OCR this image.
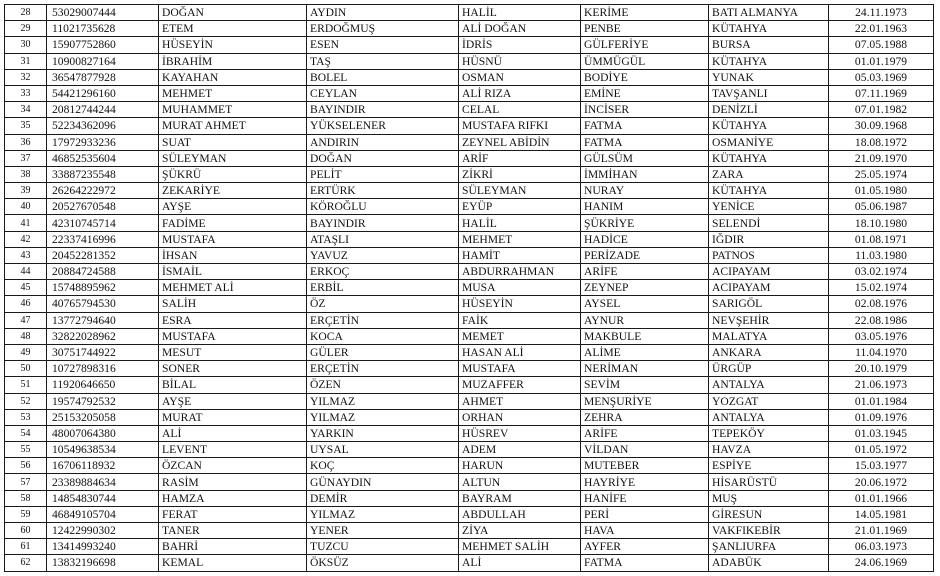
28	53029007444	DOĞAN	AYDIN	HALİL	KERİME	BATI ALMANYA	24.11.1973
29	11021735628	ETEM	ERDOĞMUŞ	ALİ DOĞAN	PENBE	KÜTAHYA	22.01.1963
30	15907752860	HÜSEYİN	ESEN	İDRİS	GÜLFERİYE	BURSA	07.05.1988
31	10900827164	İBRAHİM	TAŞ	HÜSNÜ	ÜMMÜGÜL	KÜTAHYA	01.01.1979
32	36547877928	KAYAHAN	BOLEL	OSMAN	BODİYE	YUNAK	05.03.1969
33	54421296160	MEHMET	CEYLAN	ALİ RIZA	EMİNE	TAVŞANLI	07.11.1969
34	20812744244	MUHAMMET	BAYINDIR	CELAL	İNCİSER	DENİZLİ	07.01.1982
35	52234362096	MURAT AHMET	YÜKSELENER	MUSTAFA RIFKI	FATMA	KÜTAHYA	30.09.1968
36	17972933236	SUAT	ANDIRIN	ZEYNEL ABİDİN	FATMA	OSMANİYE	18.08.1972
37	46852535604	SÜLEYMAN	DOĞAN	ARİF	GÜLSÜM	KÜTAHYA	21.09.1970
38	33887235548	ŞÜKRÜ	PELİT	ZİKRİ	İMMİHAN	ZARA	25.05.1974
39	26264222972	ZEKARİYE	ERTÜRK	SÜLEYMAN	NURAY	KÜTAHYA	01.05.1980
40	20527670548	AYŞE	KÖROĞLU	EYÜP	HANIM	YENİCE	05.06.1987
41	42310745714	FADİME	BAYINDIR	HALİL	ŞÜKRİYE	SELENDİ	18.10.1980
42	22337416996	MUSTAFA	ATAŞLI	MEHMET	HADİCE	IĞDIR	01.08.1971
43	20452281352	İHSAN	YAVUZ	HAMİT	PERİZADE	PATNOS	11.03.1980
44	20884724588	İSMAİL	ERKOÇ	ABDURRAHMAN	ARİFE	ACIPAYAM	03.02.1974
45	15748895962	MEHMET ALİ	ERBİL	MUSA	ZEYNEP	ACIPAYAM	15.02.1974
46	40765794530	SALİH	ÖZ	HÜSEYİN	AYSEL	SARIGÖL	02.08.1976
47	13772794640	ESRA	ERÇETİN	FAİK	AYNUR	NEVŞEHİR	22.08.1986
48	32822028962	MUSTAFA	KOCA	MEMET	MAKBULE	MALATYA	03.05.1976
49	30751744922	MESUT	GÜLER	HASAN ALİ	ALİME	ANKARA	11.04.1970
50	10727898316	SONER	ERÇETİN	MUSTAFA	NERİMAN	ÜRGÜP	20.10.1979
51	11920646650	BİLAL	ÖZEN	MUZAFFER	SEVİM	ANTALYA	21.06.1973
52	19574792532	AYŞE	YILMAZ	AHMET	MENŞURİYE	YOZGAT	01.01.1984
53	25153205058	MURAT	YILMAZ	ORHAN	ZEHRA	ANTALYA	01.09.1976
54	48007064380	ALİ	YARKIN	HÜSREV	ARİFE	TEPEKÖY	01.03.1945
55	10549638534	LEVENT	UYSAL	ADEM	VİLDAN	HAVZA	01.05.1972
56	16706118932	ÖZCAN	KOÇ	HARUN	MUTEBER	ESPİYE	15.03.1977
57	23389884634	RASİM	GÜNAYDIN	ALTUN	HAYRİYE	HİSARÜSTÜ	20.06.1972
58	14854830744	HAMZA	DEMİR	BAYRAM	HANİFE	MUŞ	01.01.1966
59	46849105704	FERAT	YILMAZ	ABDULLAH	PERİ	GİRESUN	14.05.1981
60	12422990302	TANER	YENER	ZİYA	HAVA	VAKFIKEBİR	21.01.1969
61	13414993240	BAHRİ	TUZCU	MEHMET SALİH	AYFER	ŞANLIURFA	06.03.1973
62	13832196698	KEMAL	ÖKSÜZ	ALİ	FATMA	ADABÜK	24.06.1969
